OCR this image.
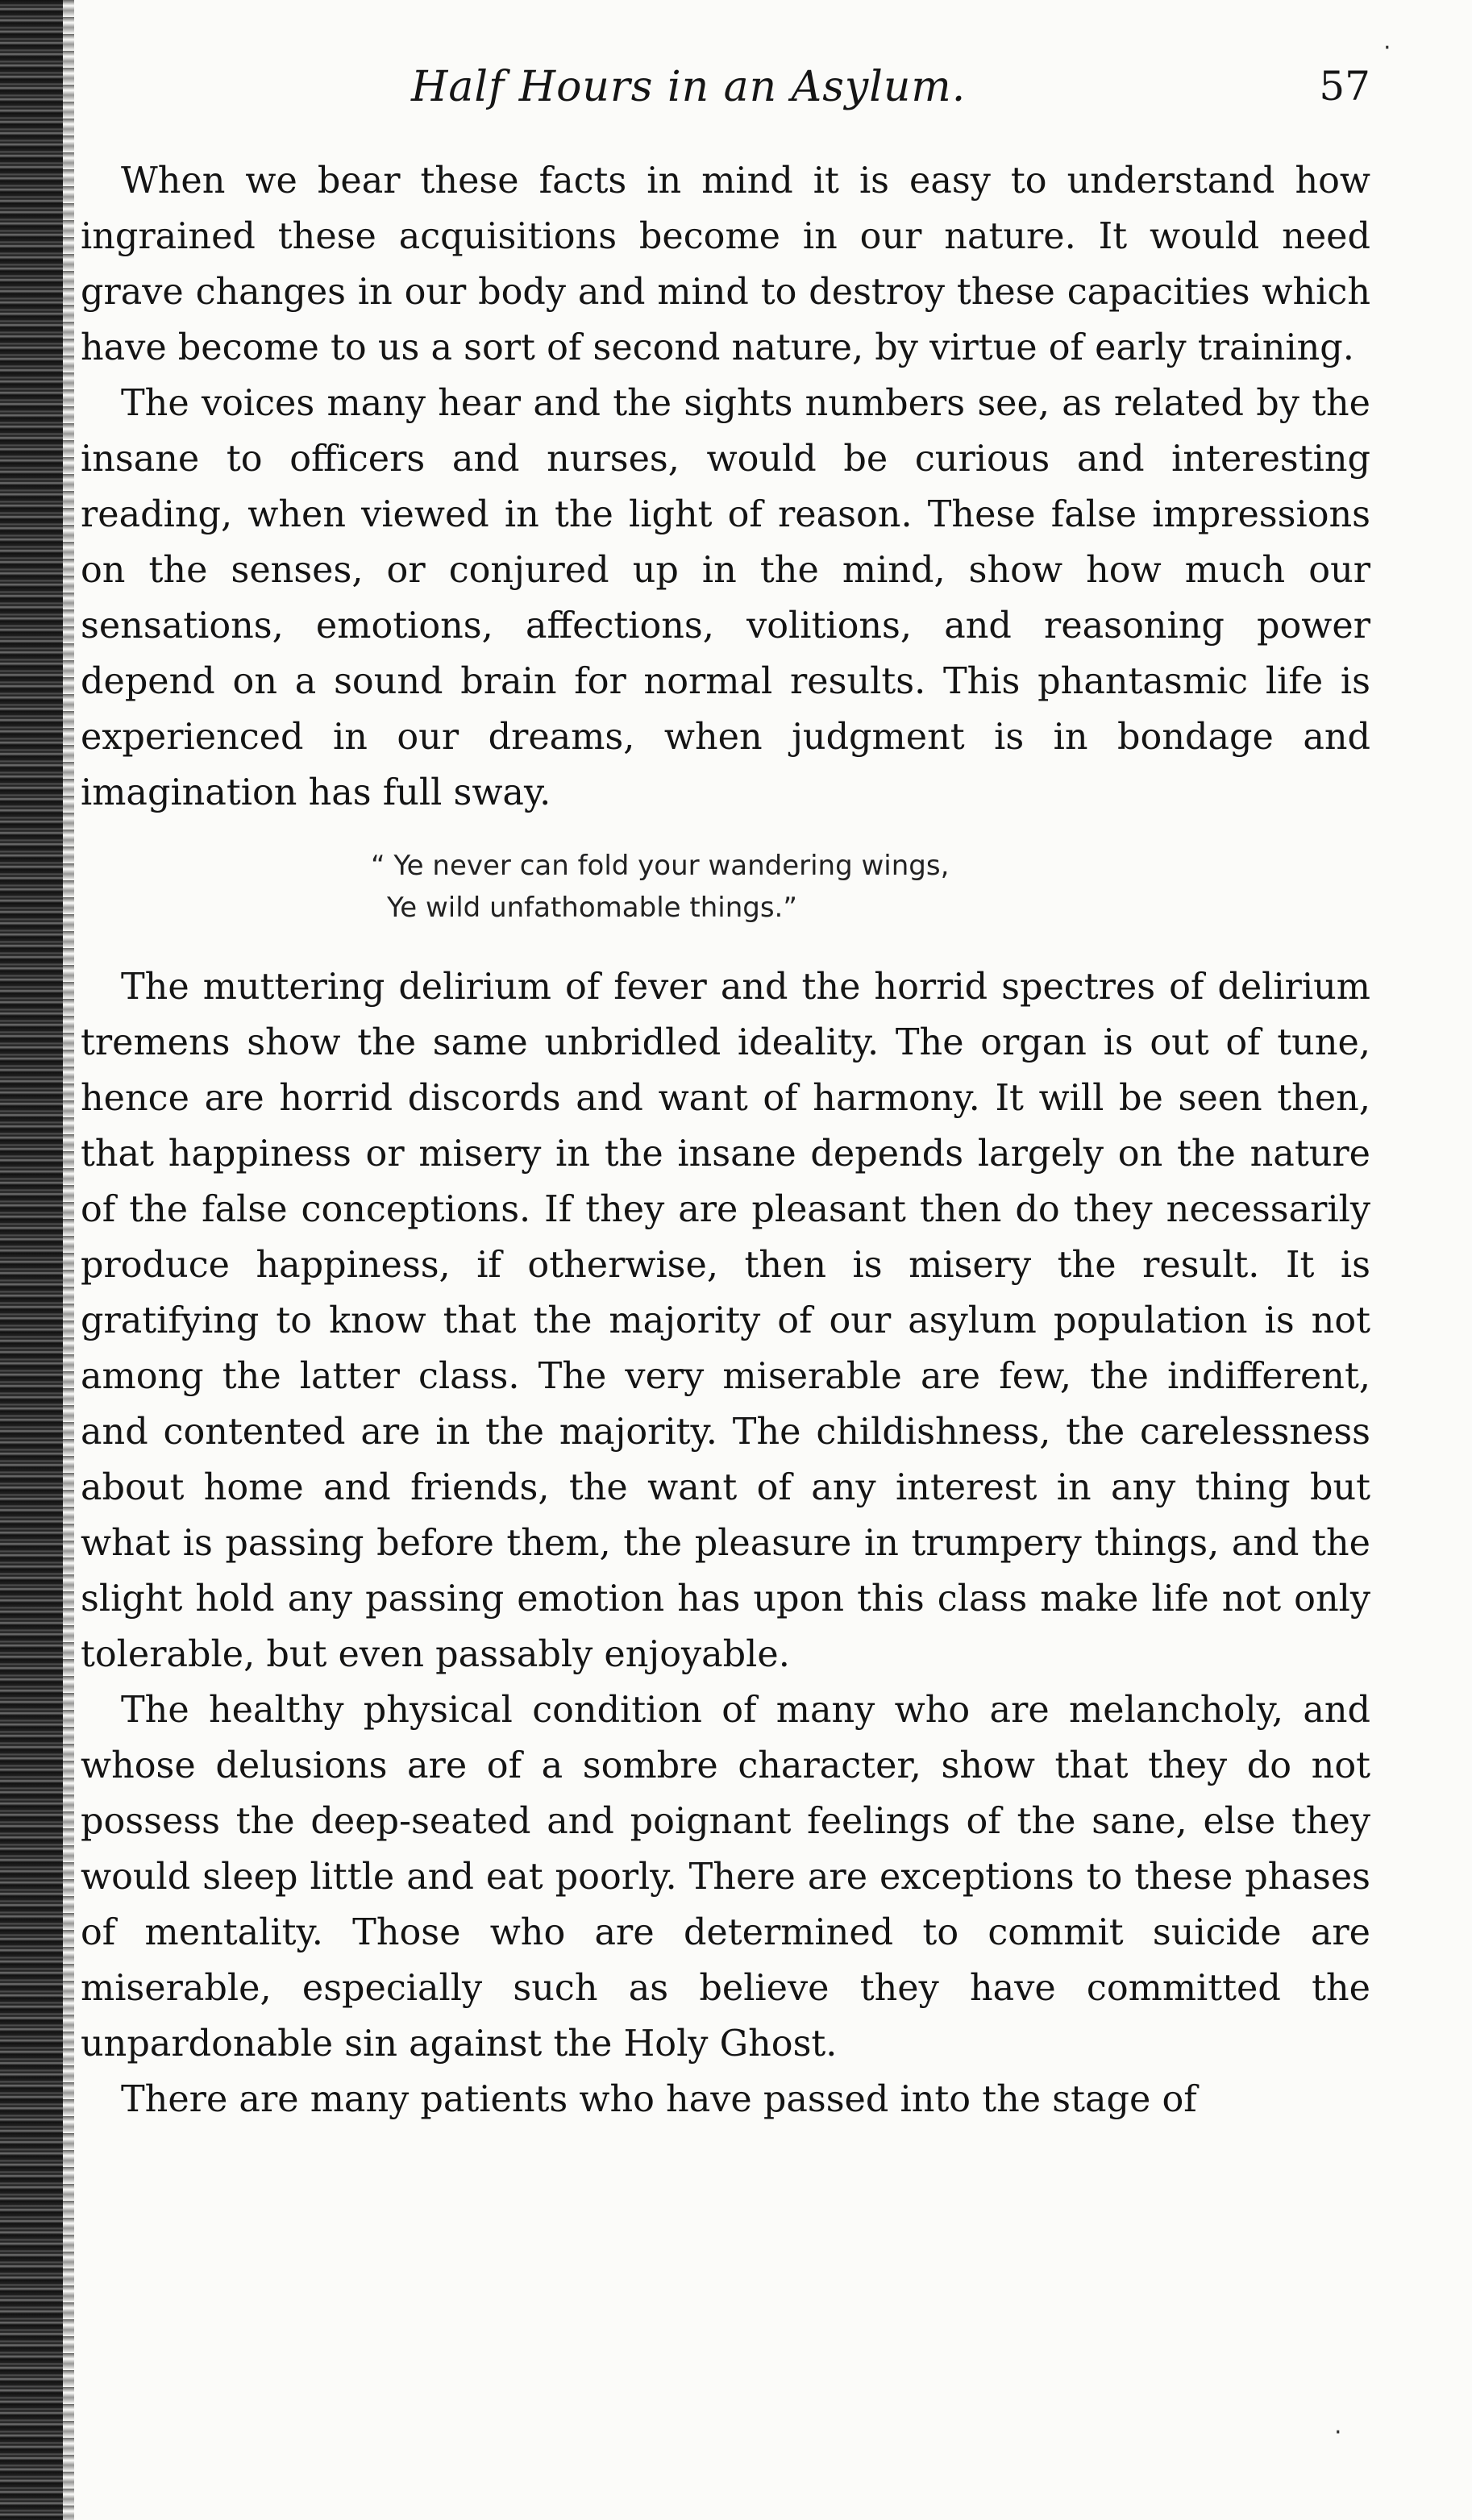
Half Hours in an Asylum.	57

When we bear these facts in mind it is easy to understand how ingrained these acquisitions become in our nature. It would need grave changes in our body and mind to destroy these capacities which have become to us a sort of second nature, by virtue of early training.

The voices many hear and the sights numbers see, as related by the insane to officers and nurses, would be curious and interesting reading, when viewed in the light of reason. These false impressions on the senses, or conjured up in the mind, show how much our sensations, emotions, affections, volitions, and reasoning power depend on a sound brain for normal results. This phantasmic life is experienced in our dreams, when judgment is in bondage and imagination has full sway.

“ Ye never can fold your wandering wings,
Ye wild unfathomable things.”

The muttering delirium of fever and the horrid spectres of delirium tremens show the same unbridled ideality. The organ is out of tune, hence are horrid discords and want of harmony. It will be seen then, that happiness or misery in the insane depends largely on the nature of the false conceptions. If they are pleasant then do they necessarily produce happiness, if otherwise, then is misery the result. It is gratifying to know that the majority of our asylum population is not among the latter class. The very miserable are few, the indifferent, and contented are in the majority. The childishness, the carelessness about home and friends, the want of any interest in any thing but what is passing before them, the pleasure in trumpery things, and the slight hold any passing emotion has upon this class make life not only tolerable, but even passably enjoyable.

The healthy physical condition of many who are melancholy, and whose delusions are of a sombre character, show that they do not possess the deep-seated and poignant feelings of the sane, else they would sleep little and eat poorly. There are exceptions to these phases of mentality. Those who are determined to commit suicide are miserable, especially such as believe they have committed the unpardonable sin against the Holy Ghost.

There are many patients who have passed into the stage of

·
·
